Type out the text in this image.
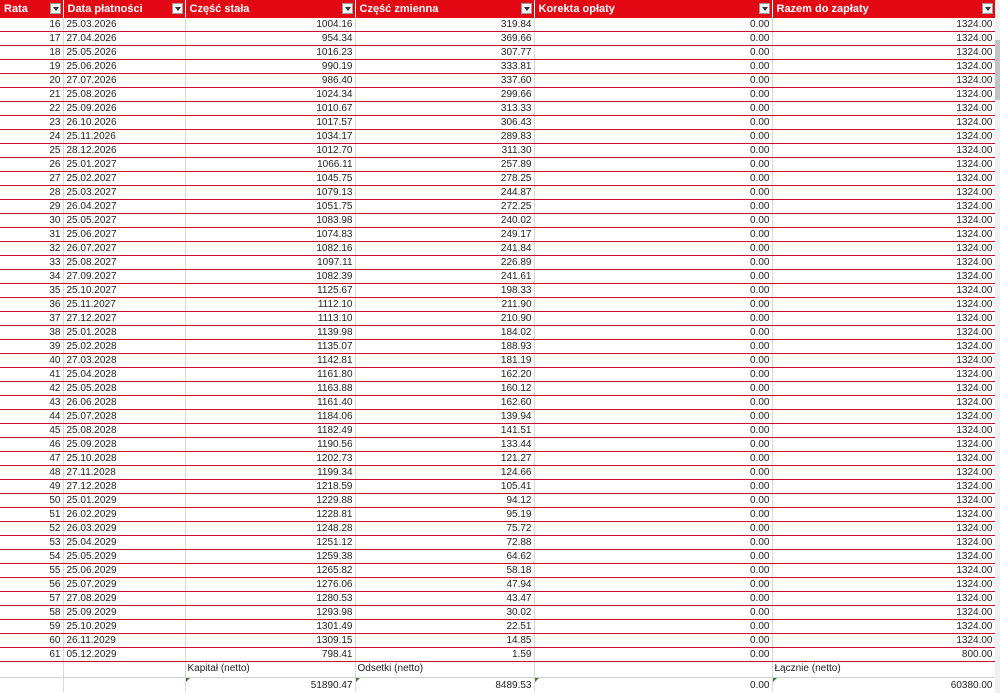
Rata	Data płatności	Część stała	Część zmienna	Korekta opłaty	Razem do zapłaty

16	25.03.2026	1004.16	319.84	0.00	1324.00
17	27.04.2026	954.34	369.66	0.00	1324.00
18	25.05.2026	1016.23	307.77	0.00	1324.00
19	25.06.2026	990.19	333.81	0.00	1324.00
20	27.07.2026	986.40	337.60	0.00	1324.00
21	25.08.2026	1024.34	299.66	0.00	1324.00
22	25.09.2026	1010.67	313.33	0.00	1324.00
23	26.10.2026	1017.57	306.43	0.00	1324.00
24	25.11.2026	1034.17	289.83	0.00	1324.00
25	28.12.2026	1012.70	311.30	0.00	1324.00
26	25.01.2027	1066.11	257.89	0.00	1324.00
27	25.02.2027	1045.75	278.25	0.00	1324.00
28	25.03.2027	1079.13	244.87	0.00	1324.00
29	26.04.2027	1051.75	272.25	0.00	1324.00
30	25.05.2027	1083.98	240.02	0.00	1324.00
31	25.06.2027	1074.83	249.17	0.00	1324.00
32	26.07.2027	1082.16	241.84	0.00	1324.00
33	25.08.2027	1097.11	226.89	0.00	1324.00
34	27.09.2027	1082.39	241.61	0.00	1324.00
35	25.10.2027	1125.67	198.33	0.00	1324.00
36	25.11.2027	1112.10	211.90	0.00	1324.00
37	27.12.2027	1113.10	210.90	0.00	1324.00
38	25.01.2028	1139.98	184.02	0.00	1324.00
39	25.02.2028	1135.07	188.93	0.00	1324.00
40	27.03.2028	1142.81	181.19	0.00	1324.00
41	25.04.2028	1161.80	162.20	0.00	1324.00
42	25.05.2028	1163.88	160.12	0.00	1324.00
43	26.06.2028	1161.40	162.60	0.00	1324.00
44	25.07.2028	1184.06	139.94	0.00	1324.00
45	25.08.2028	1182.49	141.51	0.00	1324.00
46	25.09.2028	1190.56	133.44	0.00	1324.00
47	25.10.2028	1202.73	121.27	0.00	1324.00
48	27.11.2028	1199.34	124.66	0.00	1324.00
49	27.12.2028	1218.59	105.41	0.00	1324.00
50	25.01.2029	1229.88	94.12	0.00	1324.00
51	26.02.2029	1228.81	95.19	0.00	1324.00
52	26.03.2029	1248.28	75.72	0.00	1324.00
53	25.04.2029	1251.12	72.88	0.00	1324.00
54	25.05.2029	1259.38	64.62	0.00	1324.00
55	25.06.2029	1265.82	58.18	0.00	1324.00
56	25.07.2029	1276.06	47.94	0.00	1324.00
57	27.08.2029	1280.53	43.47	0.00	1324.00
58	25.09.2029	1293.98	30.02	0.00	1324.00
59	25.10.2029	1301.49	22.51	0.00	1324.00
60	26.11.2029	1309.15	14.85	0.00	1324.00
61	05.12.2029	798.41	1.59	0.00	800.00
		Kapitał (netto)	Odsetki (netto)		Łącznie (netto)
		51890.47	8489.53	0.00	60380.00
